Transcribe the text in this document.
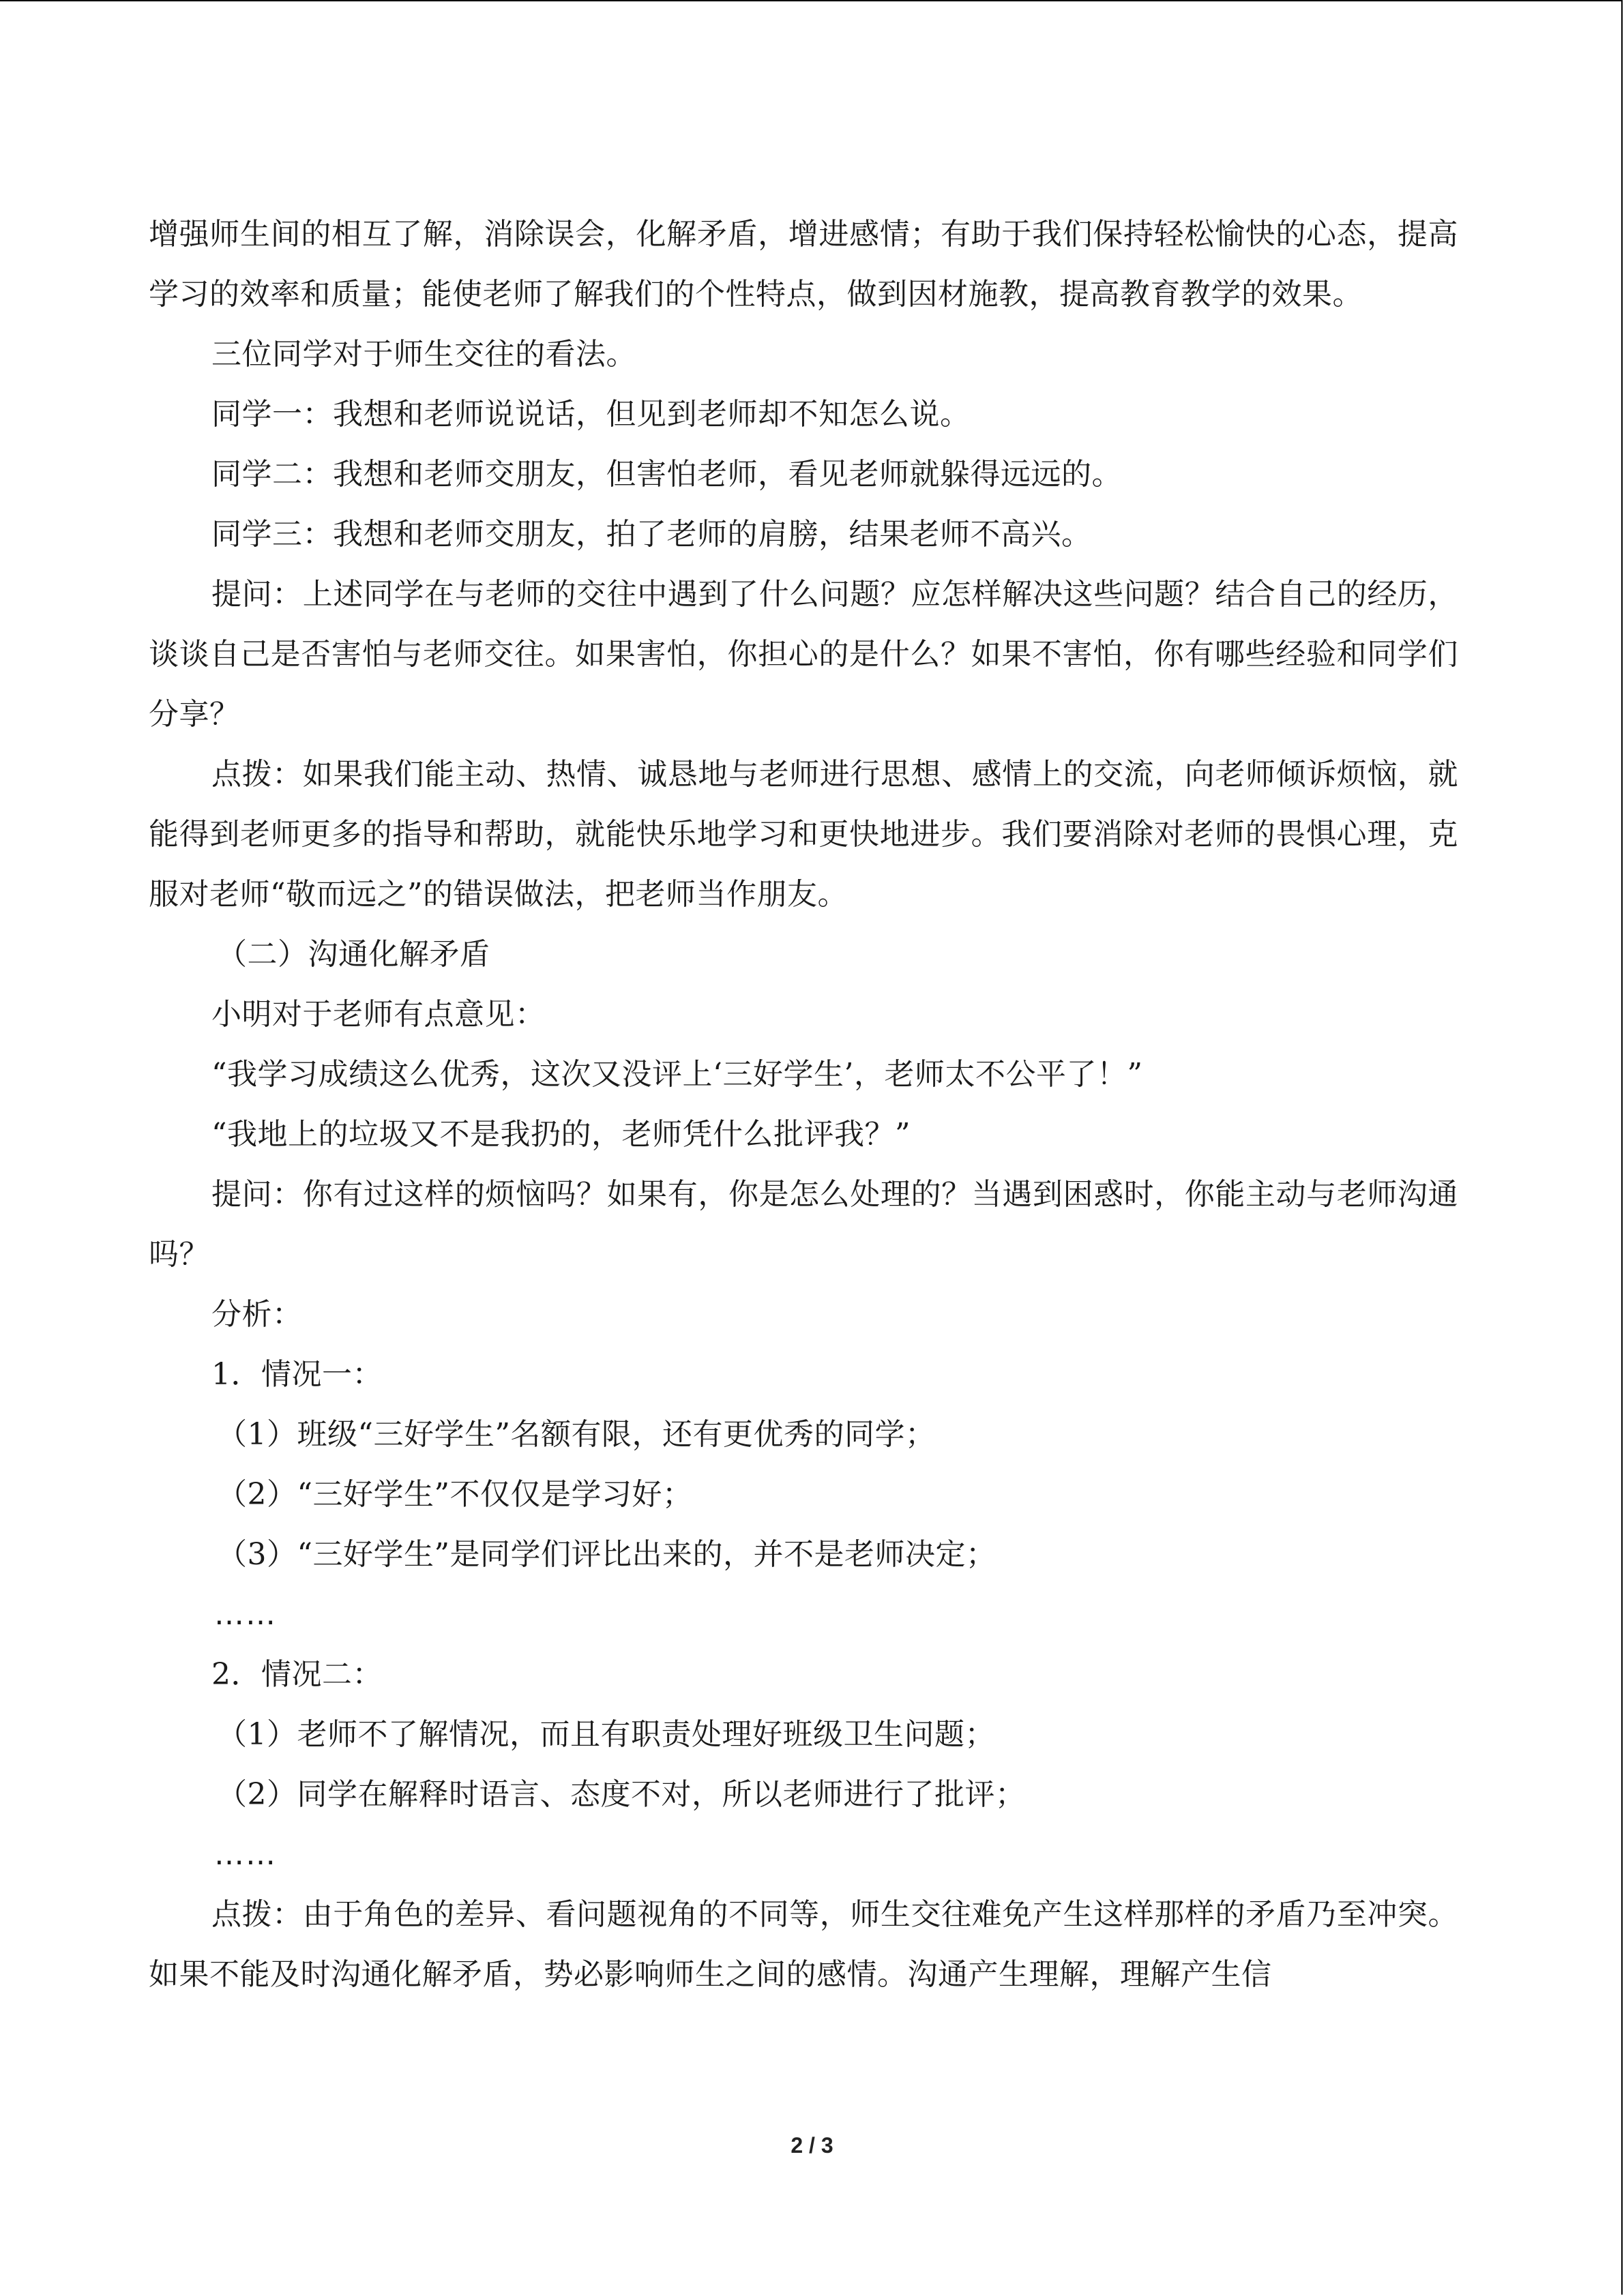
增强师生间的相互了解，消除误会，化解矛盾，增进感情；有助于我们保持轻松愉快的心态，提高学习的效率和质量；能使老师了解我们的个性特点，做到因材施教，提高教育教学的效果。

三位同学对于师生交往的看法。

同学一：我想和老师说说话，但见到老师却不知怎么说。

同学二：我想和老师交朋友，但害怕老师，看见老师就躲得远远的。

同学三：我想和老师交朋友，拍了老师的肩膀，结果老师不高兴。

提问：上述同学在与老师的交往中遇到了什么问题？应怎样解决这些问题？结合自己的经历，谈谈自己是否害怕与老师交往。如果害怕，你担心的是什么？如果不害怕，你有哪些经验和同学们分享？

点拨：如果我们能主动、热情、诚恳地与老师进行思想、感情上的交流，向老师倾诉烦恼，就能得到老师更多的指导和帮助，就能快乐地学习和更快地进步。我们要消除对老师的畏惧心理，克服对老师“敬而远之”的错误做法，把老师当作朋友。

（二）沟通化解矛盾

小明对于老师有点意见：

“我学习成绩这么优秀，这次又没评上‘三好学生’，老师太不公平了！”

“我地上的垃圾又不是我扔的，老师凭什么批评我？”

提问：你有过这样的烦恼吗？如果有，你是怎么处理的？当遇到困惑时，你能主动与老师沟通吗？

分析：

1．情况一：

（1）班级“三好学生”名额有限，还有更优秀的同学；

（2）“三好学生”不仅仅是学习好；

（3）“三好学生”是同学们评比出来的，并不是老师决定；

……

2．情况二：

（1）老师不了解情况，而且有职责处理好班级卫生问题；

（2）同学在解释时语言、态度不对，所以老师进行了批评；

……

点拨：由于角色的差异、看问题视角的不同等，师生交往难免产生这样那样的矛盾乃至冲突。如果不能及时沟通化解矛盾，势必影响师生之间的感情。沟通产生理解，理解产生信

2 / 3
